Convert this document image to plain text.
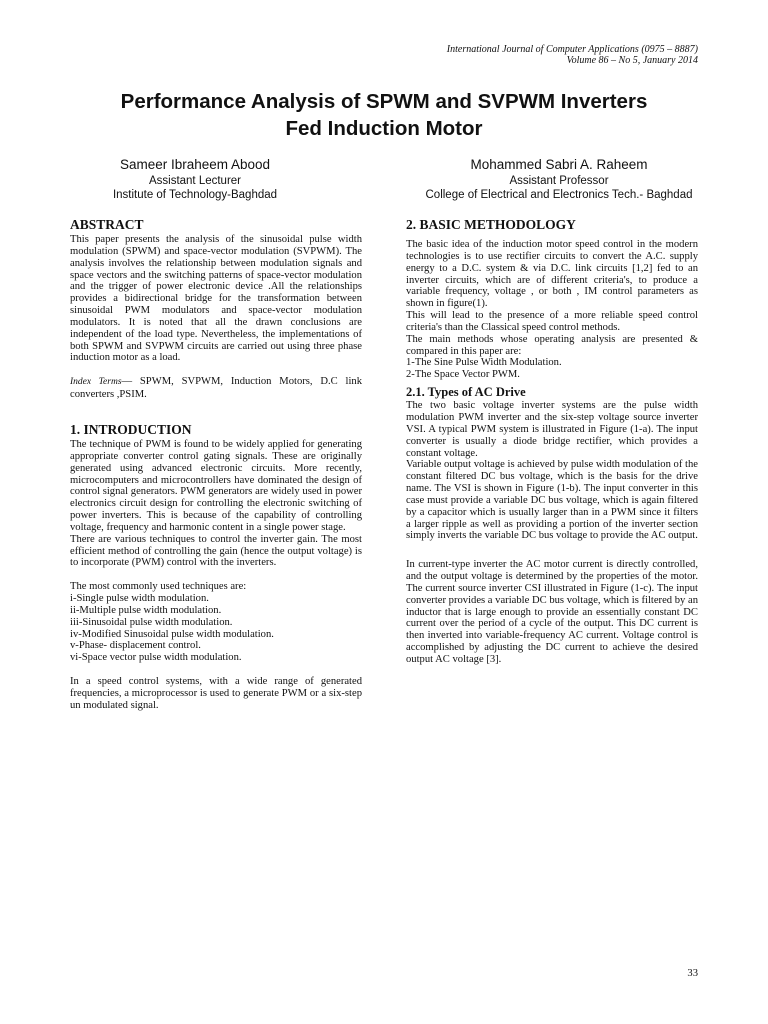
International Journal of Computer Applications (0975 – 8887)
Volume 86 – No 5, January 2014
Performance Analysis of SPWM and SVPWM Inverters
Fed Induction Motor
Sameer Ibraheem Abood
Assistant Lecturer
Institute of Technology-Baghdad
Mohammed Sabri A. Raheem
Assistant Professor
College of Electrical and Electronics Tech.- Baghdad
ABSTRACT

This paper presents the analysis of the sinusoidal pulse width modulation (SPWM) and space-vector modulation (SVPWM). The analysis involves the relationship between modulation signals and space vectors and the switching patterns of space-vector modulation and the trigger of power electronic device .All the relationships provides a bidirectional bridge for the transformation between sinusoidal PWM modulators and space-vector modulation modulators. It is noted that all the drawn conclusions are independent of the load type. Nevertheless, the implementations of both SPWM and SVPWM circuits are carried out using three phase induction motor as a load.

Index Terms— SPWM, SVPWM, Induction Motors, D.C link converters ,PSIM.

1. INTRODUCTION

The technique of PWM is found to be widely applied for generating appropriate converter control gating signals. These are originally generated using advanced electronic circuits. More recently, microcomputers and microcontrollers have dominated the design of control signal generators. PWM generators are widely used in power electronics circuit design for controlling the electronic switching of power inverters. This is because of the capability of controlling voltage, frequency and harmonic content in a single power stage.

There are various techniques to control the inverter gain. The most efficient method of controlling the gain (hence the output voltage) is to incorporate (PWM) control with the inverters.

The most commonly used techniques are:

i-Single pulse width modulation.
ii-Multiple pulse width modulation.
iii-Sinusoidal pulse width modulation.
iv-Modified Sinusoidal pulse width modulation.
v-Phase- displacement control.
vi-Space vector pulse width modulation.

In a speed control systems, with a wide range of generated frequencies, a microprocessor is used to generate PWM or a six-step un modulated signal.

2. BASIC METHODOLOGY

The basic idea of the induction motor speed control in the modern technologies is to use rectifier circuits to convert the A.C. supply energy to a D.C. system & via D.C. link circuits [1,2] fed to an inverter circuits, which are of different criteria's, to produce a variable frequency, voltage , or both , IM control parameters as shown in figure(1).

This will lead to the presence of a more reliable speed control criteria's than the Classical speed control methods.

The main methods whose operating analysis are presented & compared in this paper are:

1-The Sine Pulse Width Modulation.
2-The Space Vector PWM.
2.1. Types of AC Drive

The two basic voltage inverter systems are the pulse width modulation PWM inverter and the six-step voltage source inverter VSI. A typical PWM system is illustrated in Figure (1-a). The input converter is usually a diode bridge rectifier, which provides a constant voltage.

Variable output voltage is achieved by pulse width modulation of the constant filtered DC bus voltage, which is the basis for the drive name. The VSI is shown in Figure (1-b). The input converter in this case must provide a variable DC bus voltage, which is again filtered by a capacitor which is usually larger than in a PWM since it filters a larger ripple as well as providing a portion of the inverter section simply inverts the variable DC bus voltage to provide the AC output.

In current-type inverter the AC motor current is directly controlled, and the output voltage is determined by the properties of the motor. The current source inverter CSI illustrated in Figure (1-c). The input converter provides a variable DC bus voltage, which is filtered by an inductor that is large enough to provide an essentially constant DC current over the period of a cycle of the output. This DC current is then inverted into variable-frequency AC current. Voltage control is accomplished by adjusting the DC current to achieve the desired output AC voltage [3].

33
